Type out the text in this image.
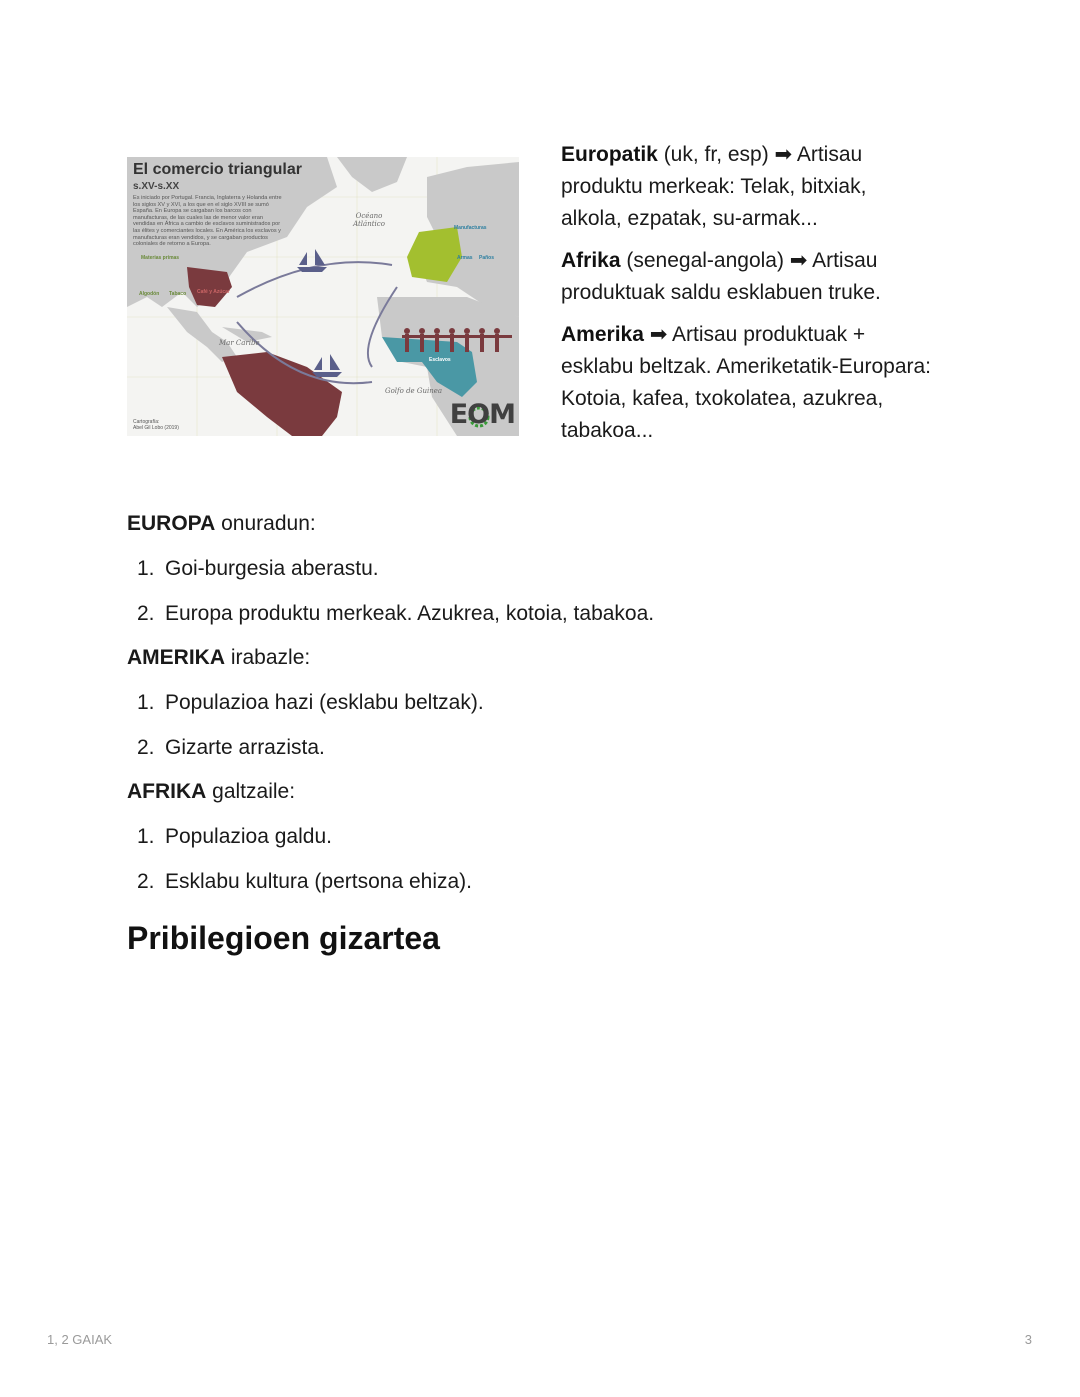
El comercio triangular
s.XV-s.XX
Es iniciado por Portugal. Francia, Inglaterra y Holanda entre los siglos XV y XVI, a los que en el siglo XVIII se sumó España. En Europa se cargaban los barcos con manufacturas, de las cuales las de menor valor eran vendidas en África a cambio de esclavos suministrados por las élites y comerciantes locales. En América los esclavos y manufacturas eran vendidos, y se cargaban productos coloniales de retorno a Europa.
Océano Atlántico
Mar Caribe
Golfo de Guinea
Materias primas
Algodón Tabaco Café y Azúcar
Manufacturas
Armas Paños
Esclavos
Cartografía:
Abel Gil Lobo (2019)	EOM

Europatik (uk, fr, esp) ➡ Artisau produktu merkeak: Telak, bitxiak, alkola, ezpatak, su-armak...

Afrika (senegal-angola) ➡ Artisau produktuak saldu esklabuen truke.

Amerika ➡ Artisau produktuak + esklabu beltzak. Ameriketatik-Europara: Kotoia, kafea, txokolatea, azukrea, tabakoa...

EUROPA onuradun:
1. Goi-burgesia aberastu.
2. Europa produktu merkeak. Azukrea, kotoia, tabakoa.
AMERIKA irabazle:
1. Populazioa hazi (esklabu beltzak).
2. Gizarte arrazista.
AFRIKA galtzaile:
1. Populazioa galdu.
2. Esklabu kultura (pertsona ehiza).
Pribilegioen gizartea
1, 2 GAIAK	3
